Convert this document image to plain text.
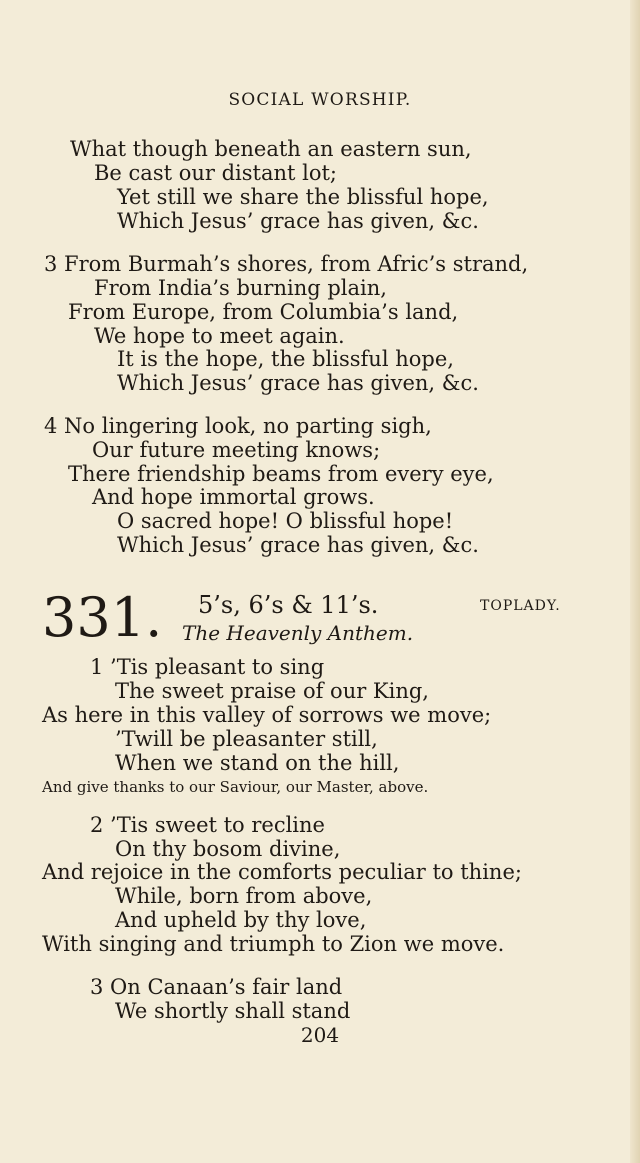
SOCIAL WORSHIP.
What though beneath an eastern sun,
Be cast our distant lot;
Yet still we share the blissful hope,
Which Jesus’ grace has given, &c.
3 From Burmah’s shores, from Afric’s strand,
From India’s burning plain,
From Europe, from Columbia’s land,
We hope to meet again.
It is the hope, the blissful hope,
Which Jesus’ grace has given, &c.
4 No lingering look, no parting sigh,
Our future meeting knows;
There friendship beams from every eye,
And hope immortal grows.
O sacred hope! O blissful hope!
Which Jesus’ grace has given, &c.
331. 5’s, 6’s & 11’s.	TOPLADY.
The Heavenly Anthem.
1 ’Tis pleasant to sing
The sweet praise of our King,
As here in this valley of sorrows we move;
’Twill be pleasanter still,
When we stand on the hill,
And give thanks to our Saviour, our Master, above.
2 ’Tis sweet to recline
On thy bosom divine,
And rejoice in the comforts peculiar to thine;
While, born from above,
And upheld by thy love,
With singing and triumph to Zion we move.
3 On Canaan’s fair land
We shortly shall stand
204
